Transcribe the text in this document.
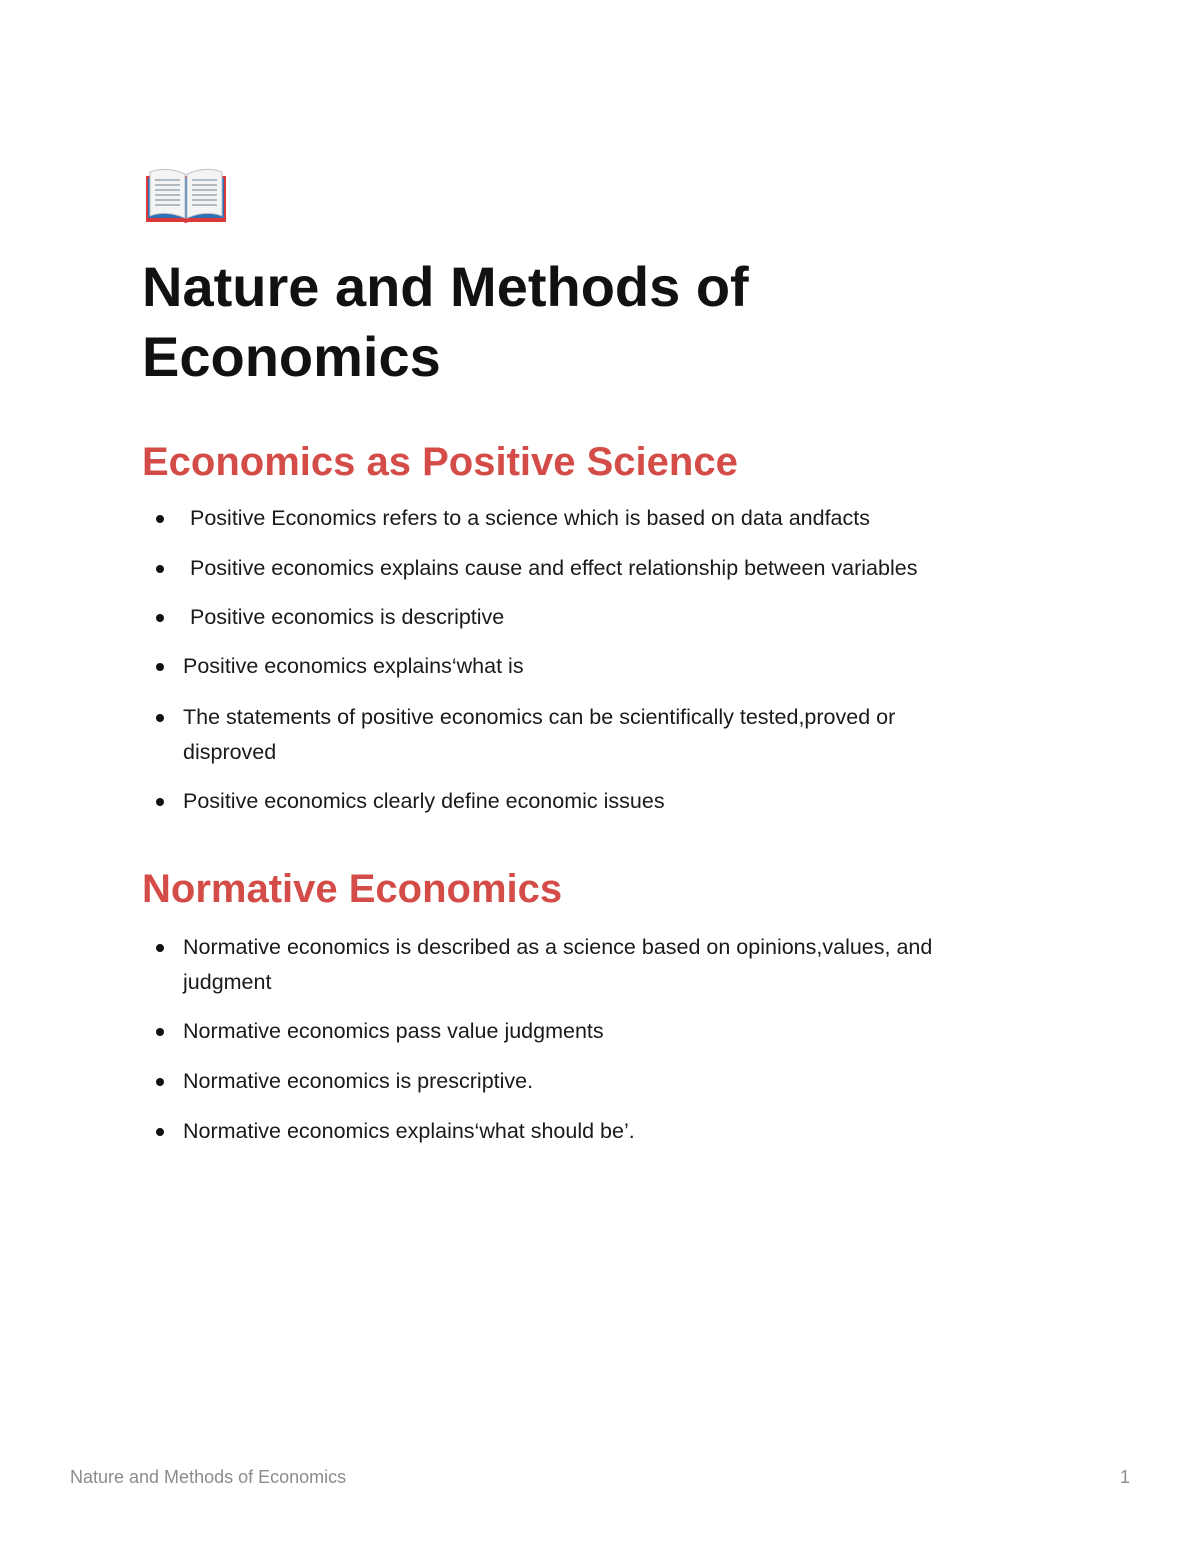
Nature and Methods of Economics
Economics as Positive Science
Positive Economics refers to a science which is based on data andfacts
Positive economics explains cause and effect relationship between variables
Positive economics is descriptive
Positive economics explains‘what is
The statements of positive economics can be scientifically tested,proved or disproved
Positive economics clearly define economic issues
Normative Economics
Normative economics is described as a science based on opinions,values, and judgment
Normative economics pass value judgments
Normative economics is prescriptive.
Normative economics explains‘what should be’.
Nature and Methods of Economics	1
